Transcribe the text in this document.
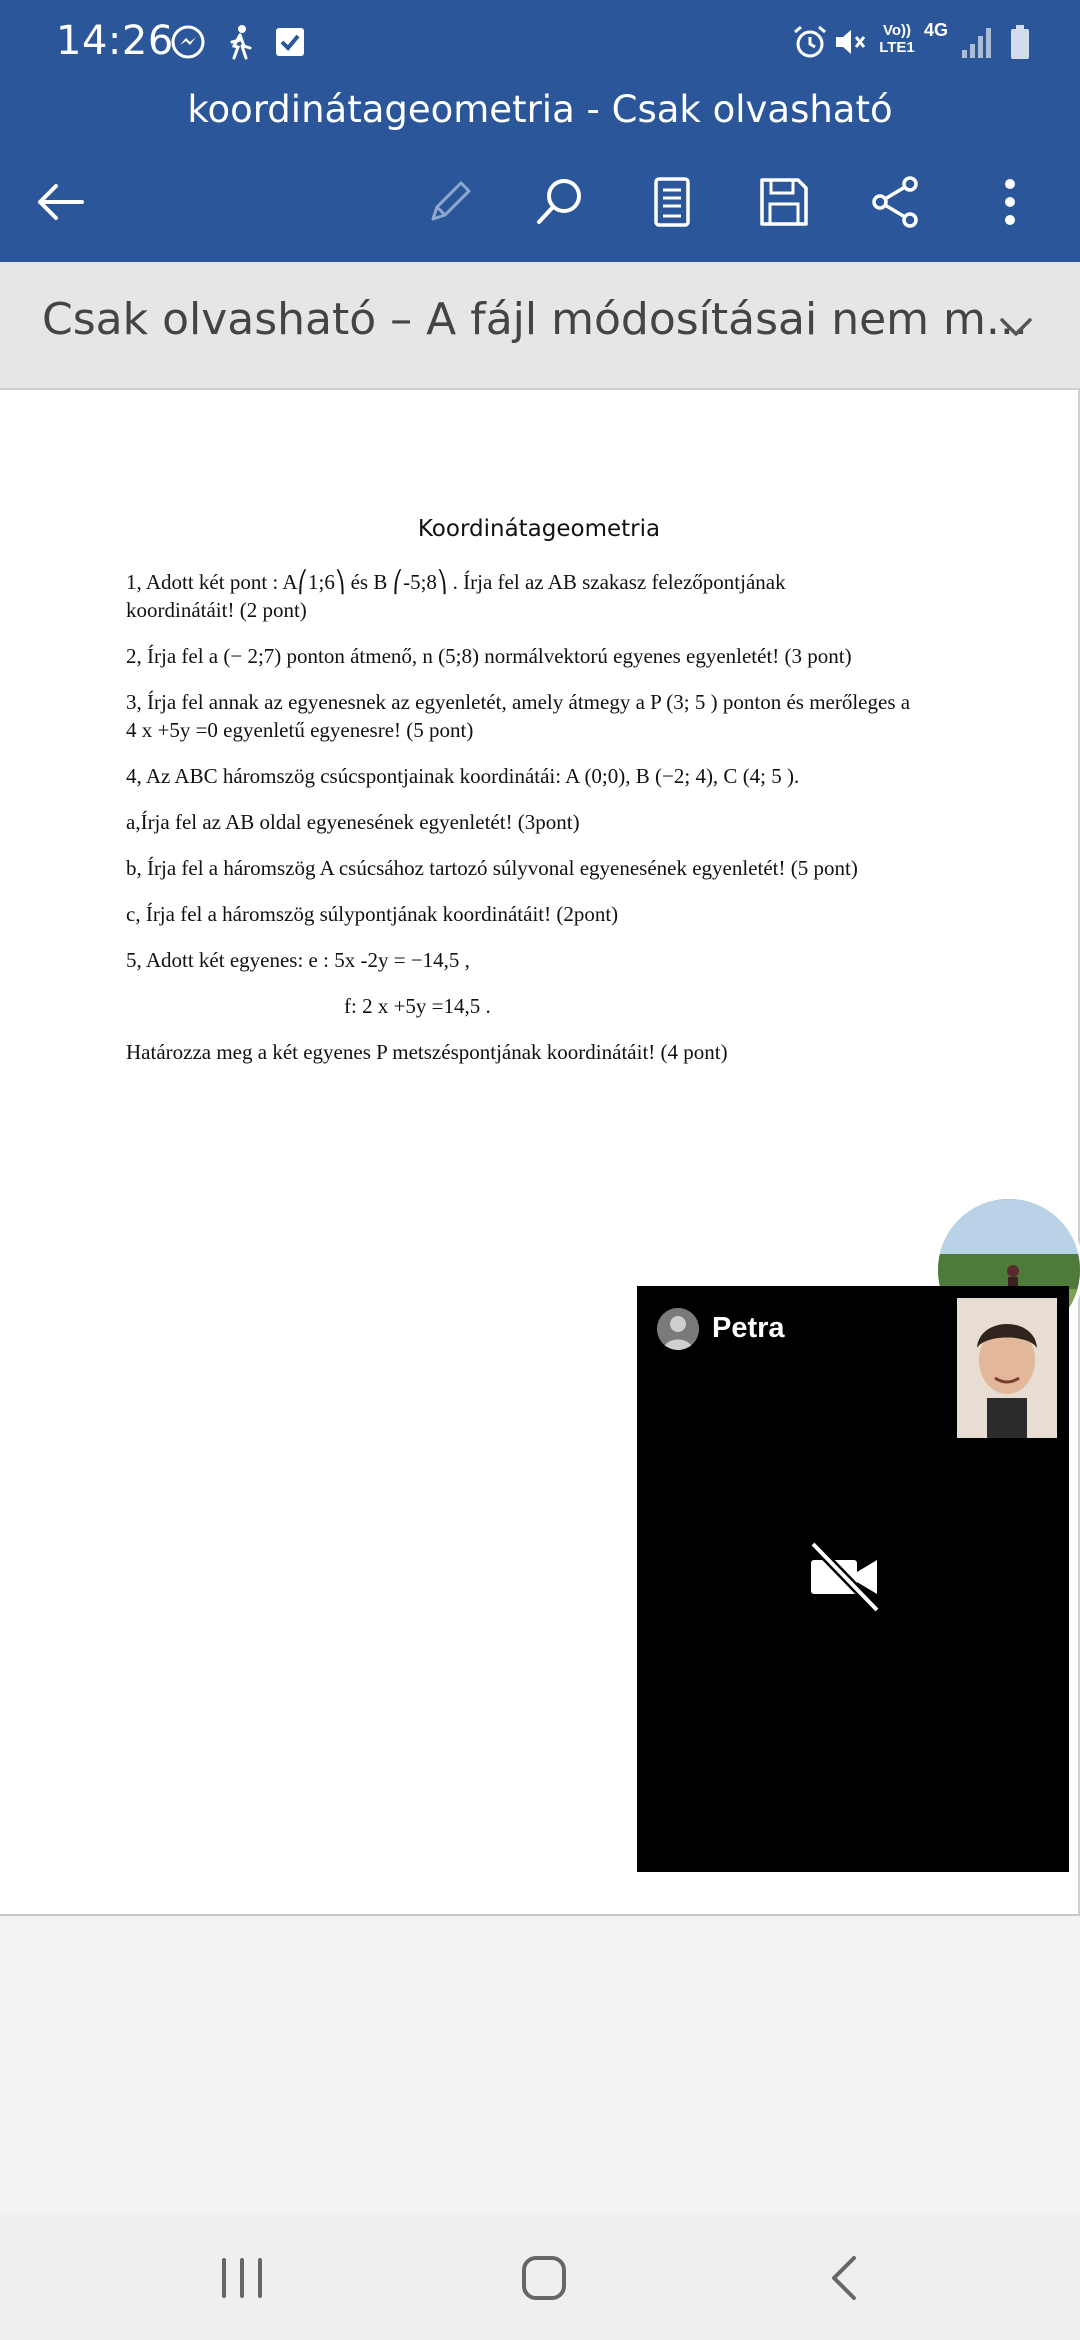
14:26	Vo)) LTE1
4G
koordinátageometria - Csak olvasható
Csak olvasható – A fájl módosításai nem m...
Koordinátageometria
1, Adott két pont : A⎛1;6⎞ és B ⎛-5;8⎞ . Írja fel az AB szakasz felezőpontjának
koordinátáit! (2 pont)
2, Írja fel a (− 2;7) ponton átmenő, n (5;8) normálvektorú egyenes egyenletét! (3 pont)
3, Írja fel annak az egyenesnek az egyenletét, amely átmegy a P (3; 5 ) ponton és merőleges a
4 x +5y =0 egyenletű egyenesre! (5 pont)
4, Az ABC háromszög csúcspontjainak koordinátái: A (0;0), B (−2; 4), C (4; 5 ).
a,Írja fel az AB oldal egyenesének egyenletét! (3pont)
b, Írja fel a háromszög A csúcsához tartozó súlyvonal egyenesének egyenletét! (5 pont)
c, Írja fel a háromszög súlypontjának koordinátáit! (2pont)
5, Adott két egyenes: e : 5x -2y = −14,5 ,
f: 2 x +5y =14,5 .
Határozza meg a két egyenes P metszéspontjának koordinátáit! (4 pont)
Petra
